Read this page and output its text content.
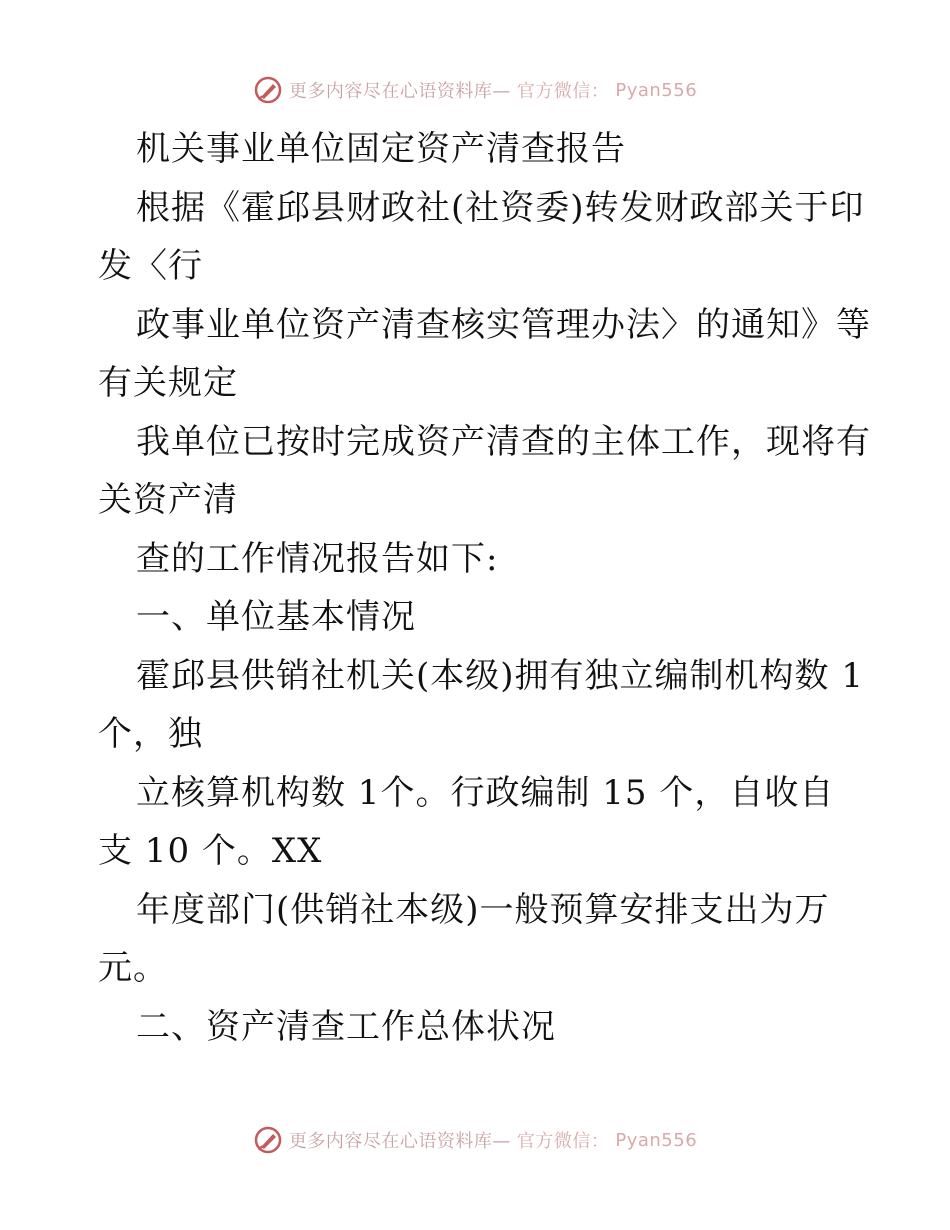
更多内容尽在心语资料库— 官方微信： Pyan556
机关事业单位固定资产清查报告
根据《霍邱县财政社(社资委)转发财政部关于印
发〈行
政事业单位资产清查核实管理办法〉的通知》等
有关规定
我单位已按时完成资产清查的主体工作，现将有
关资产清
查的工作情况报告如下:
一、单位基本情况
霍邱县供销社机关(本级)拥有独立编制机构数 1
个，独
立核算机构数 1个。行政编制 15 个，自收自
支 10 个。XX
年度部门(供销社本级)一般预算安排支出为万
元。
二、资产清查工作总体状况
更多内容尽在心语资料库— 官方微信： Pyan556
